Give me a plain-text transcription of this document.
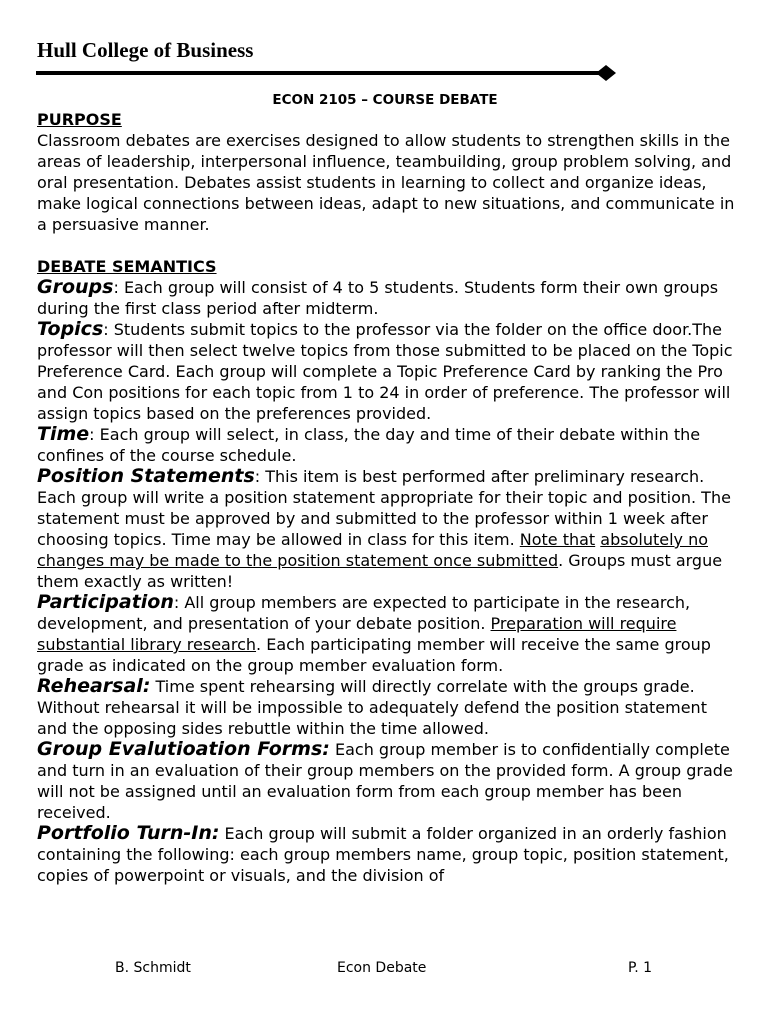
Hull College of Business
ECON 2105 – COURSE DEBATE

PURPOSE

Classroom debates are exercises designed to allow students to strengthen skills in the areas of leadership, interpersonal influence, teambuilding, group problem solving, and oral presentation. Debates assist students in learning to collect and organize ideas, make logical connections between ideas, adapt to new situations, and communicate in a persuasive manner.

DEBATE SEMANTICS

Groups: Each group will consist of 4 to 5 students. Students form their own groups during the first class period after midterm.

Topics: Students submit topics to the professor via the folder on the office door.The professor will then select twelve topics from those submitted to be placed on the Topic Preference Card. Each group will complete a Topic Preference Card by ranking the Pro and Con positions for each topic from 1 to 24 in order of preference. The professor will assign topics based on the preferences provided.

Time: Each group will select, in class, the day and time of their debate within the confines of the course schedule.

Position Statements: This item is best performed after preliminary research. Each group will write a position statement appropriate for their topic and position. The statement must be approved by and submitted to the professor within 1 week after choosing topics. Time may be allowed in class for this item. Note that absolutely no changes may be made to the position statement once submitted. Groups must argue them exactly as written!

Participation: All group members are expected to participate in the research, development, and presentation of your debate position. Preparation will require substantial library research. Each participating member will receive the same group grade as indicated on the group member evaluation form.

Rehearsal: Time spent rehearsing will directly correlate with the groups grade. Without rehearsal it will be impossible to adequately defend the position statement and the opposing sides rebuttle within the time allowed.

Group Evalutioation Forms: Each group member is to confidentially complete and turn in an evaluation of their group members on the provided form. A group grade will not be assigned until an evaluation form from each group member has been received.

Portfolio Turn-In: Each group will submit a folder organized in an orderly fashion containing the following: each group members name, group topic, position statement, copies of powerpoint or visuals, and the division of

B. Schmidt	Econ Debate	P. 1
